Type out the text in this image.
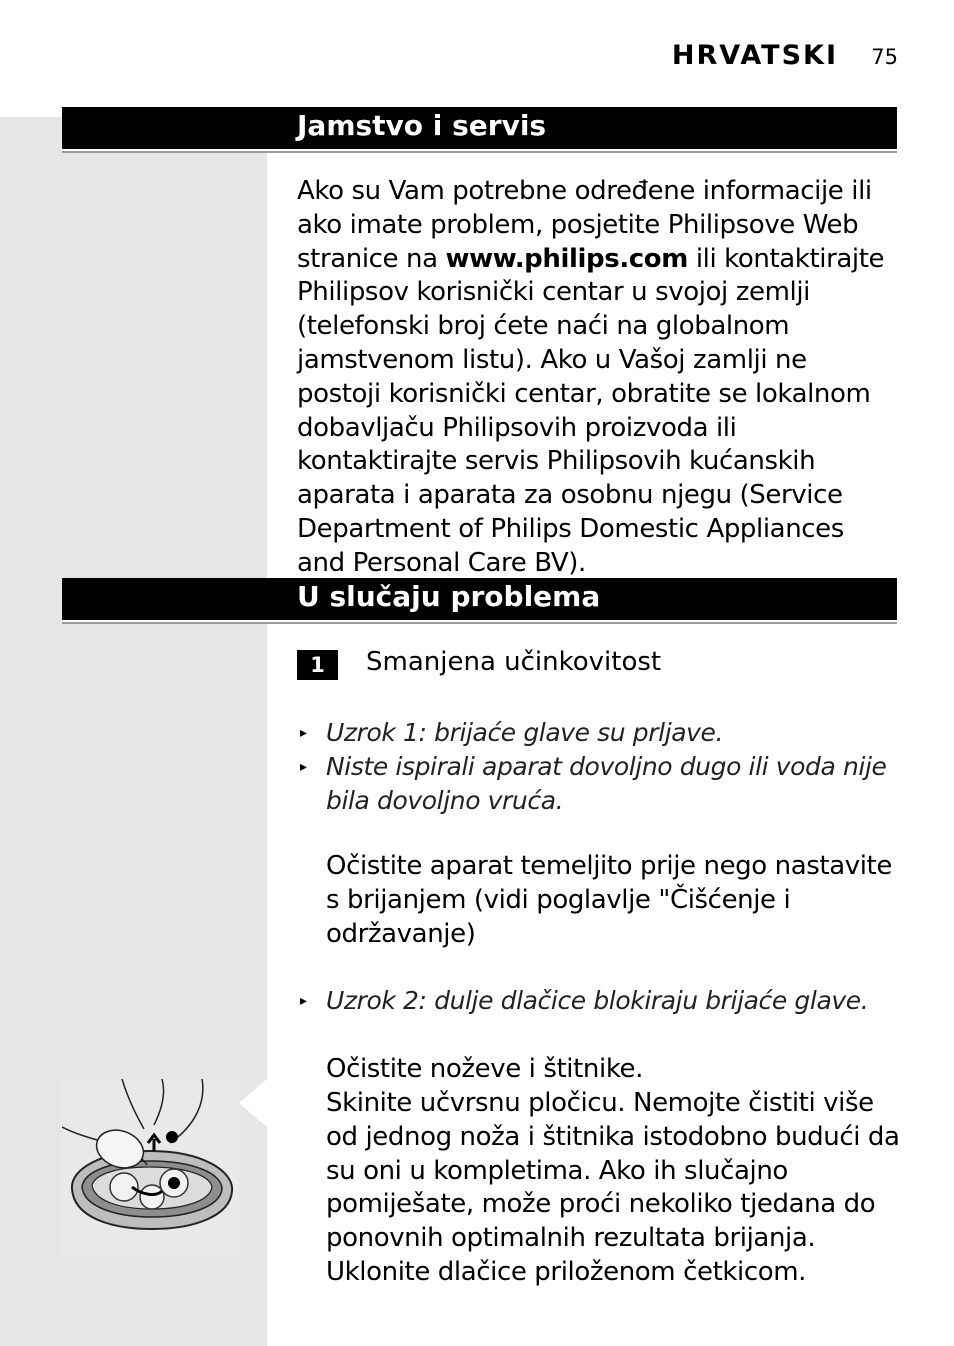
HRVATSKI 75
Jamstvo i servis
Ako su Vam potrebne određene informacije ili ako imate problem, posjetite Philipsove Web stranice na www.philips.com ili kontaktirajte Philipsov korisnički centar u svojoj zemlji (telefonski broj ćete naći na globalnom jamstvenom listu). Ako u Vašoj zamlji ne postoji korisnički centar, obratite se lokalnom dobavljaču Philipsovih proizvoda ili kontaktirajte servis Philipsovih kućanskih aparata i aparata za osobnu njegu (Service Department of Philips Domestic Appliances and Personal Care BV).
U slučaju problema
1	Smanjena učinkovitost
▸ Uzrok 1: brijaće glave su prljave.
▸ Niste ispirali aparat dovoljno dugo ili voda nije bila dovoljno vruća.
Očistite aparat temeljito prije nego nastavite s brijanjem (vidi poglavlje "Čišćenje i održavanje)
▸ Uzrok 2: dulje dlačice blokiraju brijaće glave.
Očistite noževe i štitnike.
Skinite učvrsnu pločicu. Nemojte čistiti više od jednog noža i štitnika istodobno budući da su oni u kompletima. Ako ih slučajno pomiješate, može proći nekoliko tjedana do ponovnih optimalnih rezultata brijanja. Uklonite dlačice priloženom četkicom.
